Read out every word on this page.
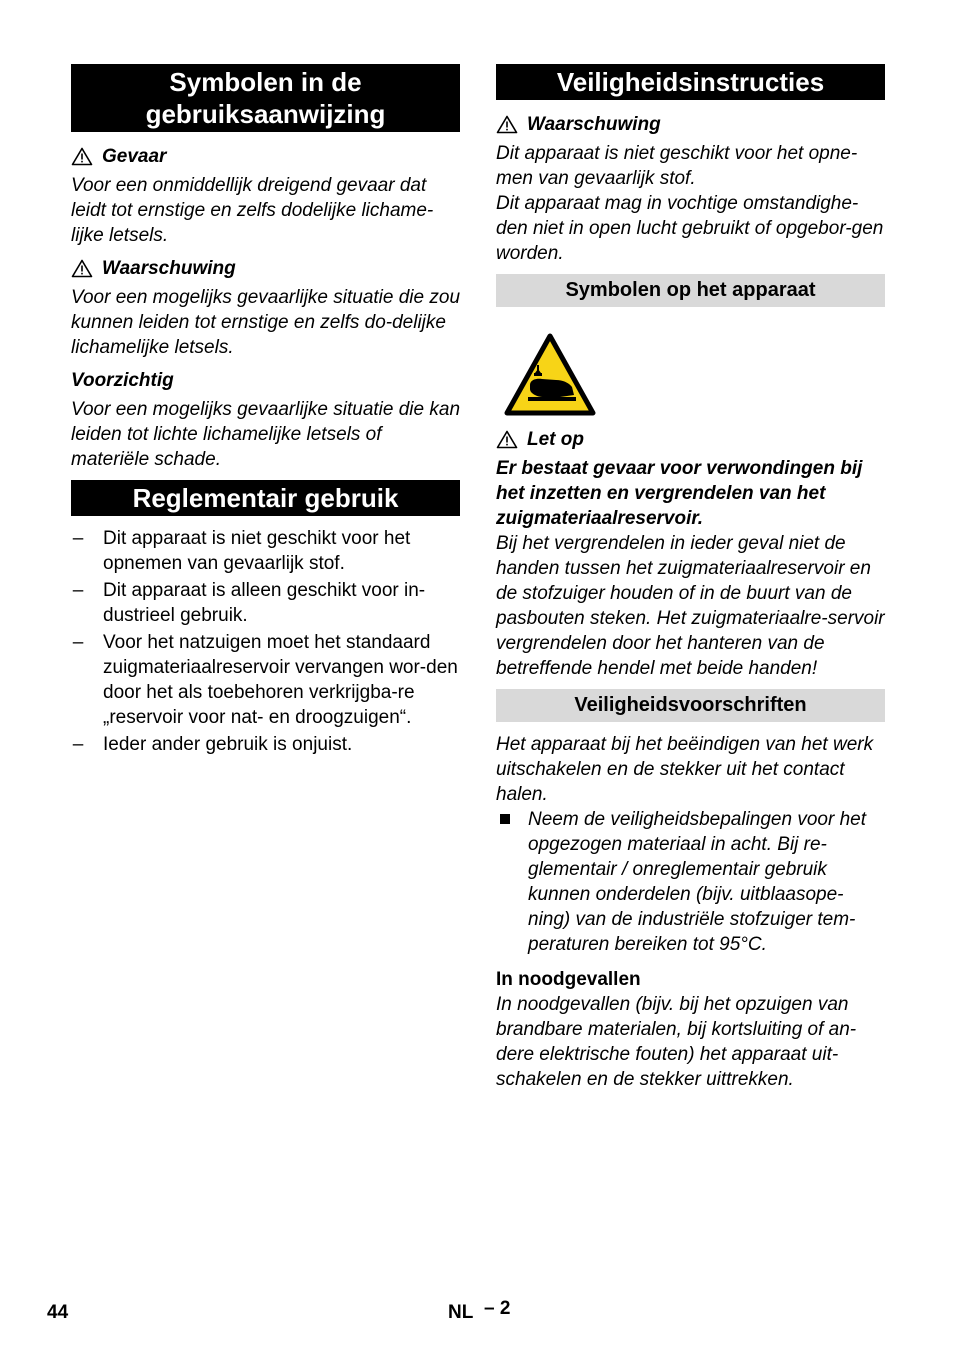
Symbolen in de
gebruiksaanwijzing
Gevaar

Voor een onmiddellijk dreigend gevaar dat leidt tot ernstige en zelfs dodelijke lichame-lijke letsels.

Waarschuwing

Voor een mogelijks gevaarlijke situatie die zou kunnen leiden tot ernstige en zelfs do-delijke lichamelijke letsels.

Voorzichtig

Voor een mogelijks gevaarlijke situatie die kan leiden tot lichte lichamelijke letsels of materiële schade.

Reglementair gebruik
– Dit apparaat is niet geschikt voor het opnemen van gevaarlijk stof.
– Dit apparaat is alleen geschikt voor in-dustrieel gebruik.
– Voor het natzuigen moet het standaard zuigmateriaalreservoir vervangen wor-den door het als toebehoren verkrijgba-re „reservoir voor nat- en droogzuigen“.
– Ieder ander gebruik is onjuist.
Veiligheidsinstructies
Waarschuwing

Dit apparaat is niet geschikt voor het opne-men van gevaarlijk stof.

Dit apparaat mag in vochtige omstandighe-den niet in open lucht gebruikt of opgebor-gen worden.

Symbolen op het apparaat
Let op

Er bestaat gevaar voor verwondingen bij het inzetten en vergrendelen van het zuigmateriaalreservoir.

Bij het vergrendelen in ieder geval niet de handen tussen het zuigmateriaalreservoir en de stofzuiger houden of in de buurt van de pasbouten steken. Het zuigmateriaalre-servoir vergrendelen door het hanteren van de betreffende hendel met beide handen!

Veiligheidsvoorschriften

Het apparaat bij het beëindigen van het werk uitschakelen en de stekker uit het contact halen.

Neem de veiligheidsbepalingen voor het opgezogen materiaal in acht. Bij re-glementair / onreglementair gebruik kunnen onderdelen (bijv. uitblaasope-ning) van de industriële stofzuiger tem-peraturen bereiken tot 95°C.

In noodgevallen

In noodgevallen (bijv. bij het opzuigen van brandbare materialen, bij kortsluiting of an-dere elektrische fouten) het apparaat uit-schakelen en de stekker uittrekken.

44	NL – 2
